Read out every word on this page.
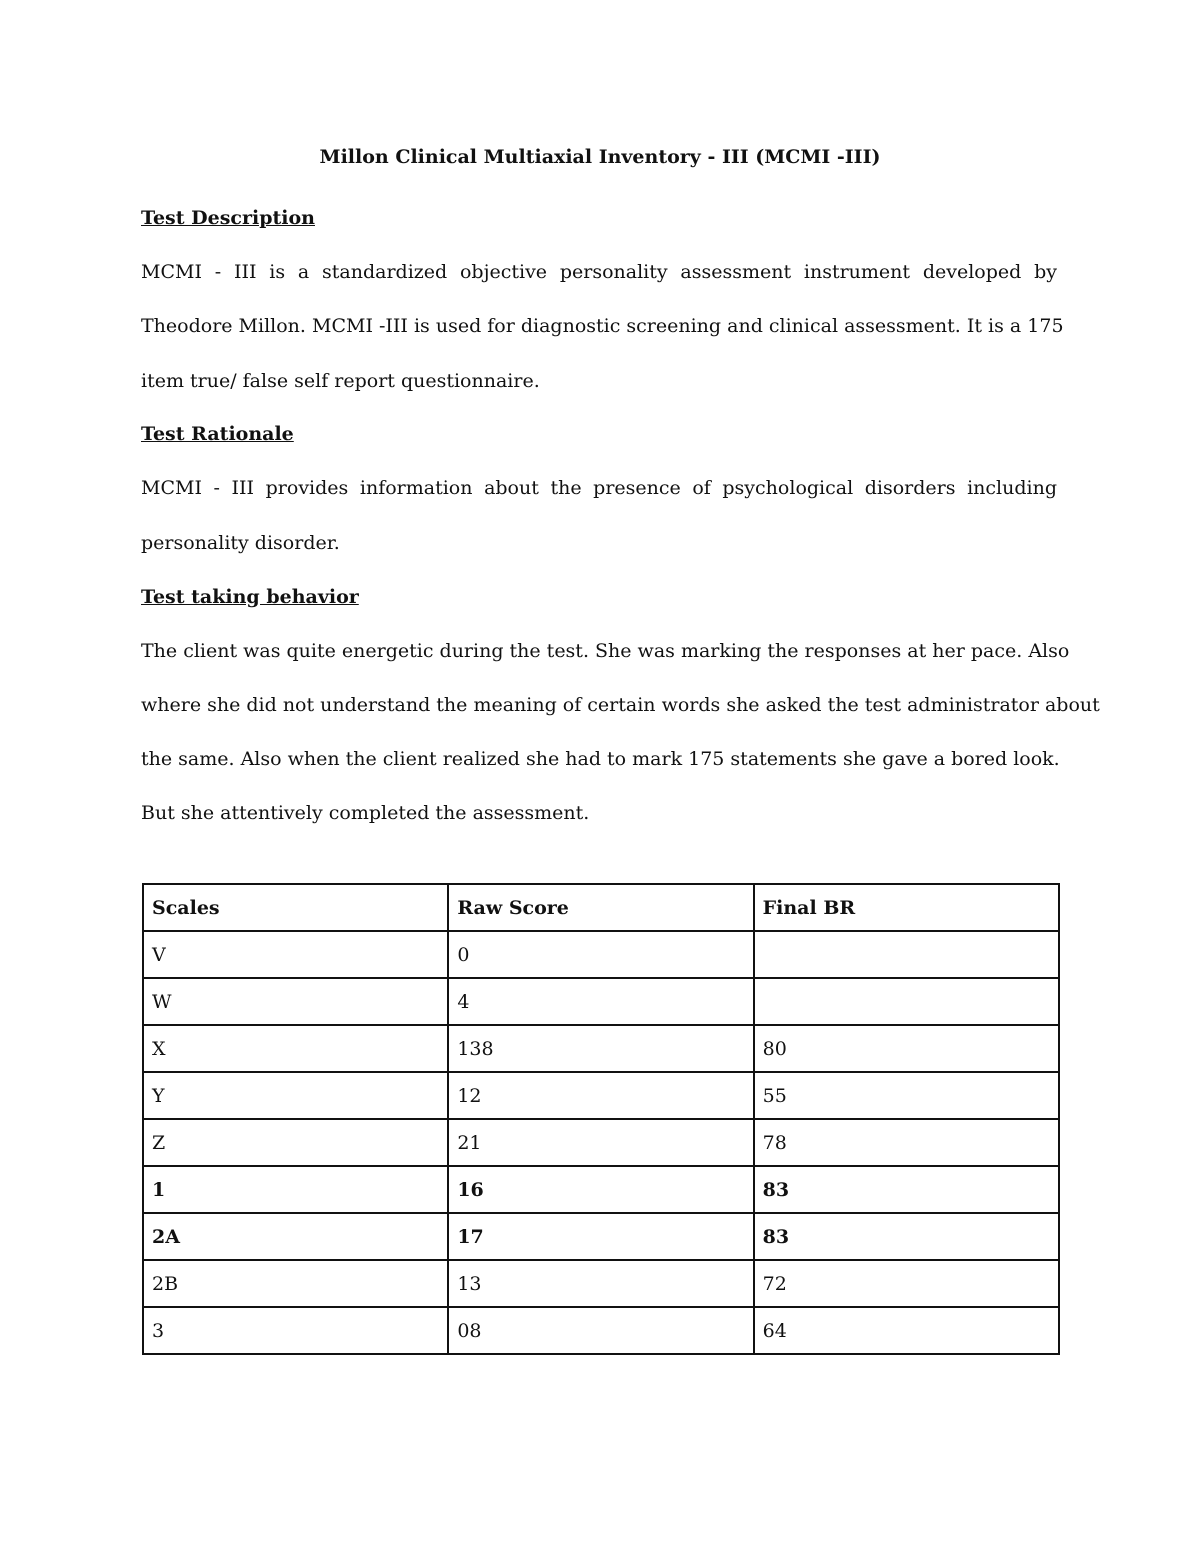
Millon Clinical Multiaxial Inventory - III (MCMI -III)
Test Description
MCMI - III is a standardized objective personality assessment instrument developed by
Theodore Millon. MCMI -III is used for diagnostic screening and clinical assessment. It is a 175
item true/ false self report questionnaire.
Test Rationale
MCMI - III provides information about the presence of psychological disorders including
personality disorder.
Test taking behavior
The client was quite energetic during the test. She was marking the responses at her pace. Also
where she did not understand the meaning of certain words she asked the test administrator about
the same. Also when the client realized she had to mark 175 statements she gave a bored look.
But she attentively completed the assessment.
Scales	Raw Score	Final BR
V	0	
W	4	
X	138	80
Y	12	55
Z	21	78
1	16	83
2A	17	83
2B	13	72
3	08	64
